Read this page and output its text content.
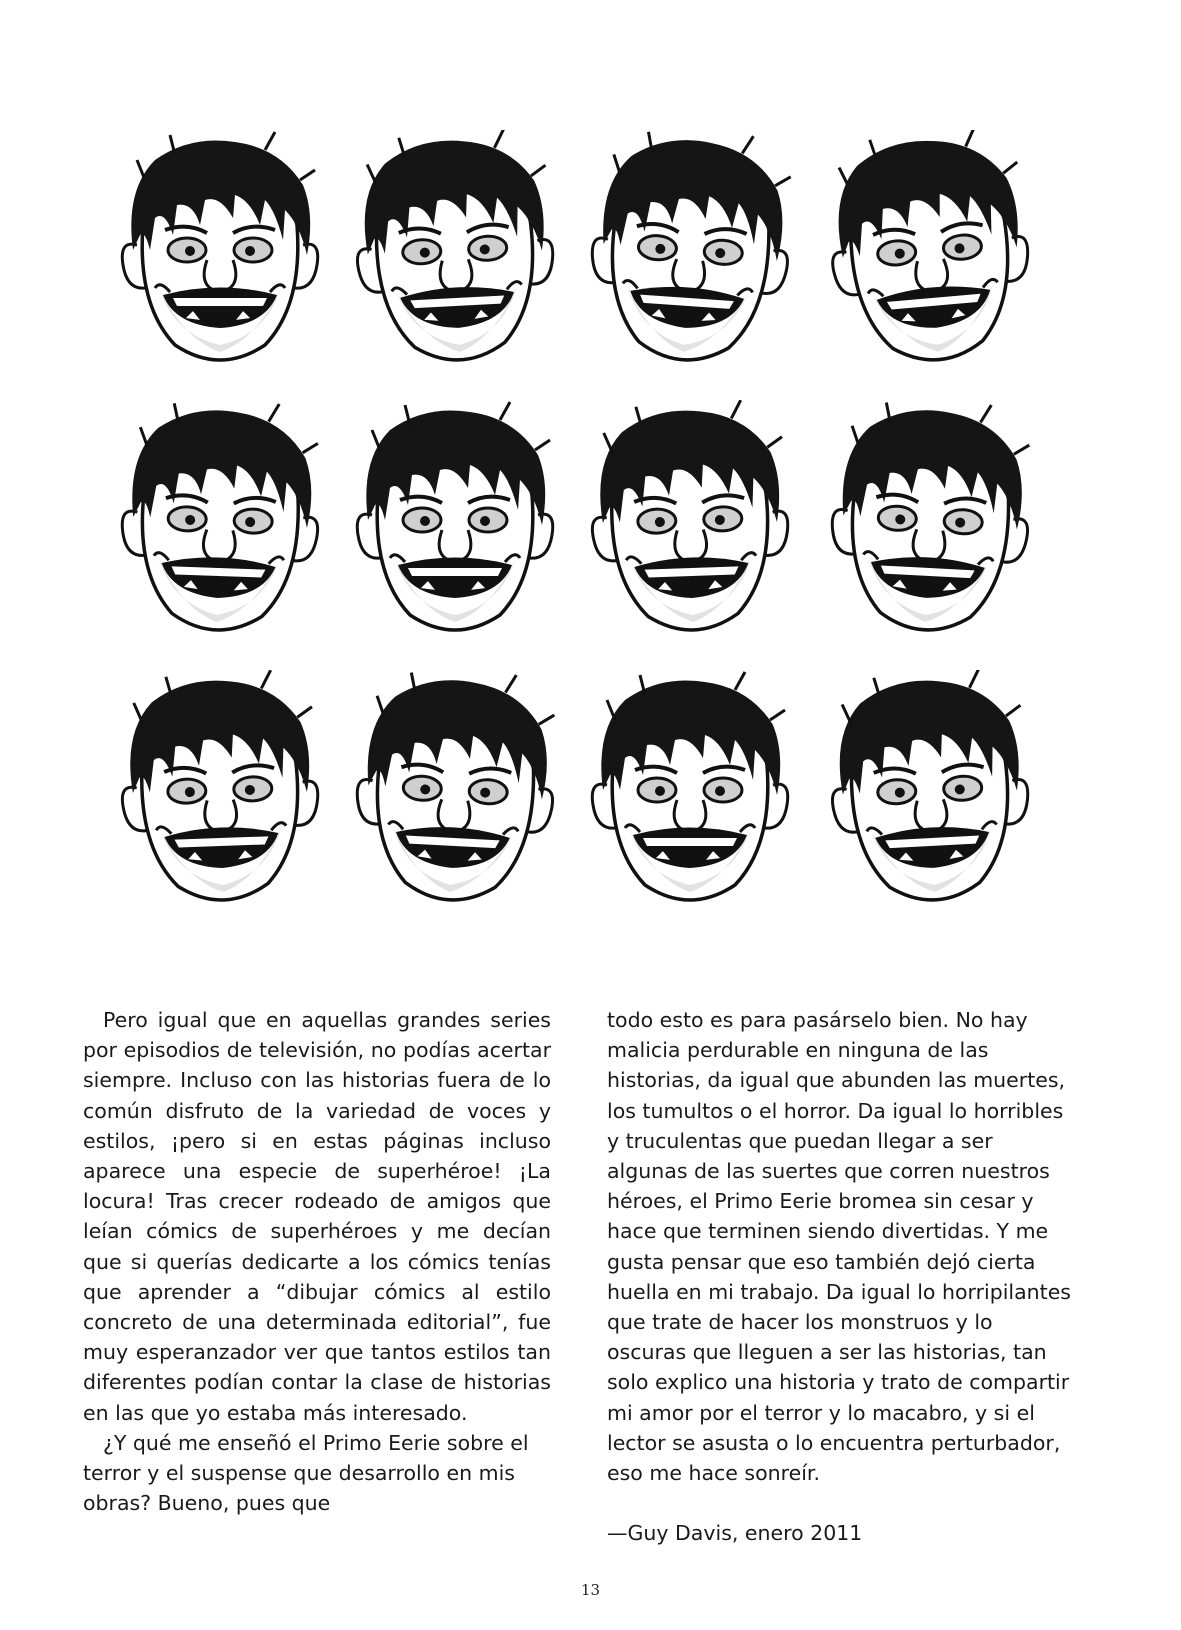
Pero igual que en aquellas grandes series por episodios de televisión, no podías acertar siempre. Incluso con las historias fuera de lo común disfruto de la variedad de voces y estilos, ¡pero si en estas páginas incluso aparece una especie de superhéroe! ¡La locura! Tras crecer rodeado de amigos que leían cómics de superhéroes y me decían que si querías dedicarte a los cómics tenías que aprender a “dibujar cómics al estilo concreto de una determinada editorial”, fue muy esperanzador ver que tantos estilos tan diferentes podían contar la clase de historias en las que yo estaba más interesado.

¿Y qué me enseñó el Primo Eerie sobre el terror y el suspense que desarrollo en mis obras? Bueno, pues que

todo esto es para pasárselo bien. No hay malicia perdurable en ninguna de las historias, da igual que abunden las muertes, los tumultos o el horror. Da igual lo horribles y truculentas que puedan llegar a ser algunas de las suertes que corren nuestros héroes, el Primo Eerie bromea sin cesar y hace que terminen siendo divertidas. Y me gusta pensar que eso también dejó cierta huella en mi trabajo. Da igual lo horripilantes que trate de hacer los monstruos y lo oscuras que lleguen a ser las historias, tan solo explico una historia y trato de compartir mi amor por el terror y lo macabro, y si el lector se asusta o lo encuentra perturbador, eso me hace sonreír.

—Guy Davis, enero 2011

13
